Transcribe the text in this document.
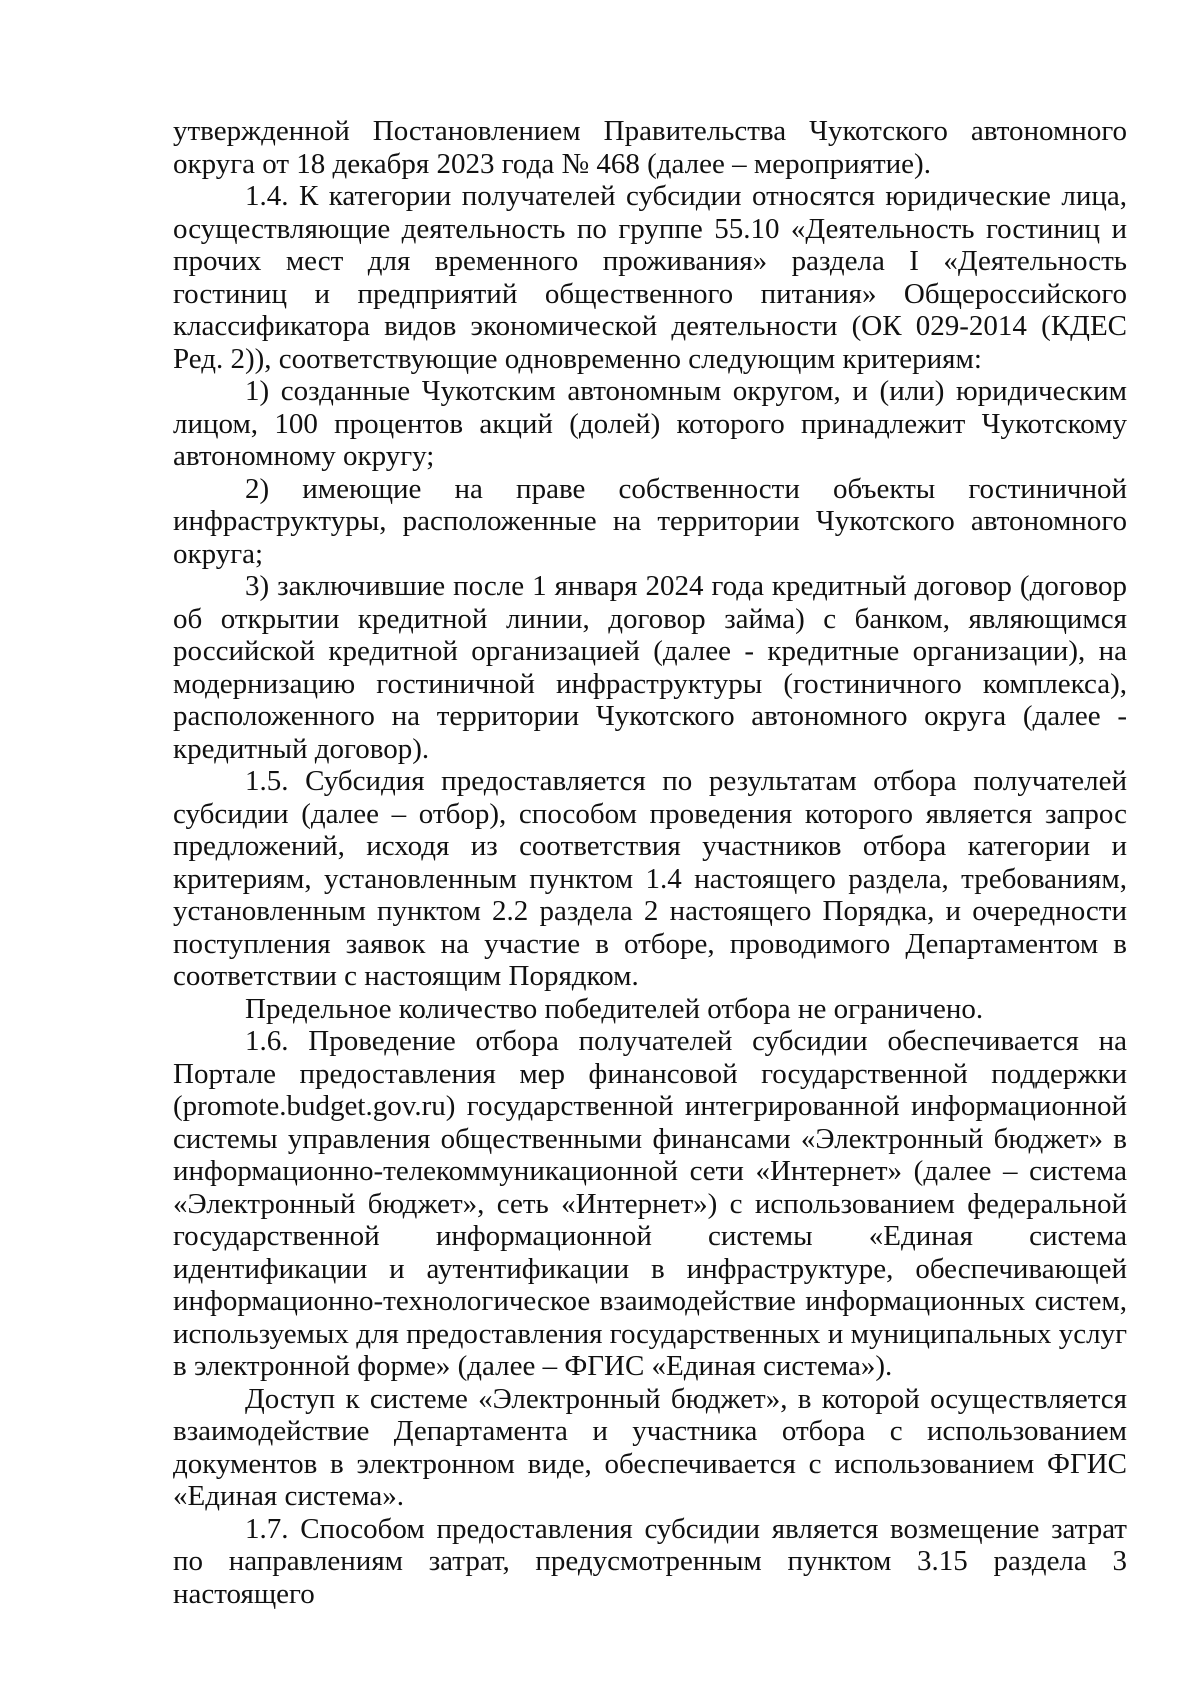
утвержденной Постановлением Правительства Чукотского автономного округа от 18 декабря 2023 года № 468 (далее – мероприятие).

1.4. К категории получателей субсидии относятся юридические лица, осуществляющие деятельность по группе 55.10 «Деятельность гостиниц и прочих мест для временного проживания» раздела I «Деятельность гостиниц и предприятий общественного питания» Общероссийского классификатора видов экономической деятельности (ОК 029-2014 (КДЕС Ред. 2)), соответствующие одновременно следующим критериям:

1) созданные Чукотским автономным округом, и (или) юридическим лицом, 100 процентов акций (долей) которого принадлежит Чукотскому автономному округу;

2) имеющие на праве собственности объекты гостиничной инфраструктуры, расположенные на территории Чукотского автономного округа;

3) заключившие после 1 января 2024 года кредитный договор (договор об открытии кредитной линии, договор займа) с банком, являющимся российской кредитной организацией (далее - кредитные организации), на модернизацию гостиничной инфраструктуры (гостиничного комплекса), расположенного на территории Чукотского автономного округа (далее - кредитный договор).

1.5. Субсидия предоставляется по результатам отбора получателей субсидии (далее – отбор), способом проведения которого является запрос предложений, исходя из соответствия участников отбора категории и критериям, установленным пунктом 1.4 настоящего раздела, требованиям, установленным пунктом 2.2 раздела 2 настоящего Порядка, и очередности поступления заявок на участие в отборе, проводимого Департаментом в соответствии с настоящим Порядком.

Предельное количество победителей отбора не ограничено.

1.6. Проведение отбора получателей субсидии обеспечивается на Портале предоставления мер финансовой государственной поддержки (promote.budget.gov.ru) государственной интегрированной информационной системы управления общественными финансами «Электронный бюджет» в информационно-телекоммуникационной сети «Интернет» (далее – система «Электронный бюджет», сеть «Интернет») с использованием федеральной государственной информационной системы «Единая система идентификации и аутентификации в инфраструктуре, обеспечивающей информационно-технологическое взаимодействие информационных систем, используемых для предоставления государственных и муниципальных услуг в электронной форме» (далее – ФГИС «Единая система»).

Доступ к системе «Электронный бюджет», в которой осуществляется взаимодействие Департамента и участника отбора с использованием документов в электронном виде, обеспечивается с использованием ФГИС «Единая система».

1.7. Способом предоставления субсидии является возмещение затрат по направлениям затрат, предусмотренным пунктом 3.15 раздела 3 настоящего
